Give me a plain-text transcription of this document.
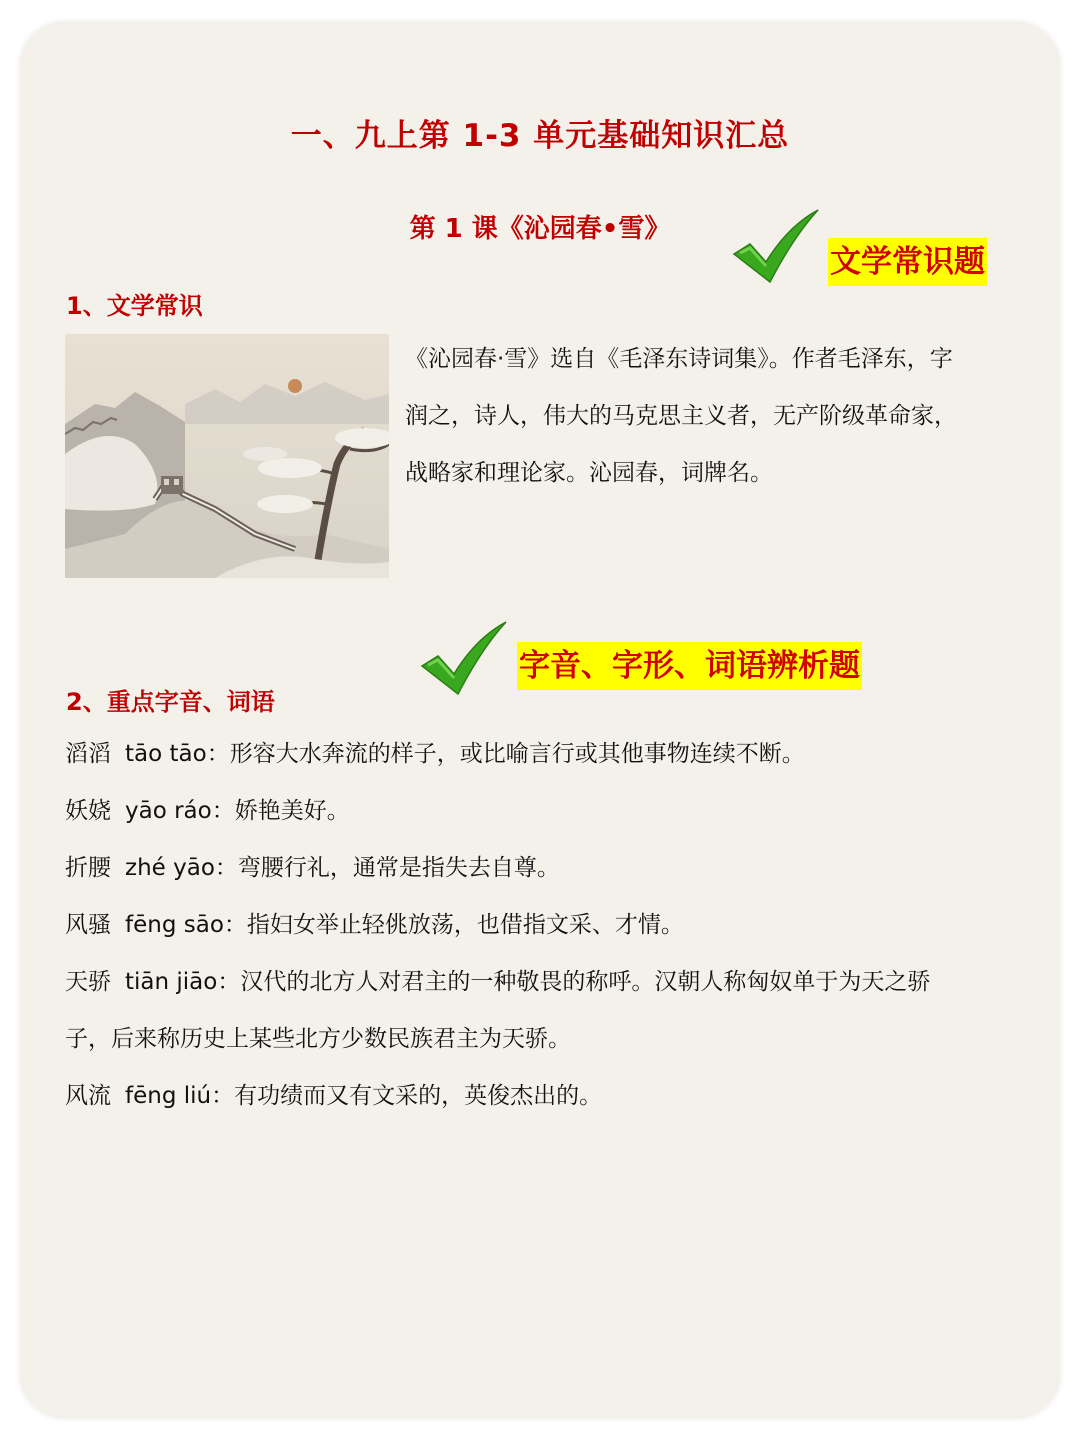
一、九上第 1-3 单元基础知识汇总
第 1 课《沁园春•雪》
文学常识题
1、文学常识
《沁园春·雪》选自《毛泽东诗词集》。作者毛泽东，字
润之，诗人，伟大的马克思主义者，无产阶级革命家，
战略家和理论家。沁园春，词牌名。
字音、字形、词语辨析题
2、重点字音、词语
滔滔 tāo tāo：形容大水奔流的样子，或比喻言行或其他事物连续不断。
妖娆 yāo ráo：娇艳美好。
折腰 zhé yāo：弯腰行礼，通常是指失去自尊。
风骚 fēng sāo：指妇女举止轻佻放荡，也借指文采、才情。
天骄 tiān jiāo：汉代的北方人对君主的一种敬畏的称呼。汉朝人称匈奴单于为天之骄
子，后来称历史上某些北方少数民族君主为天骄。
风流 fēng liú：有功绩而又有文采的，英俊杰出的。
